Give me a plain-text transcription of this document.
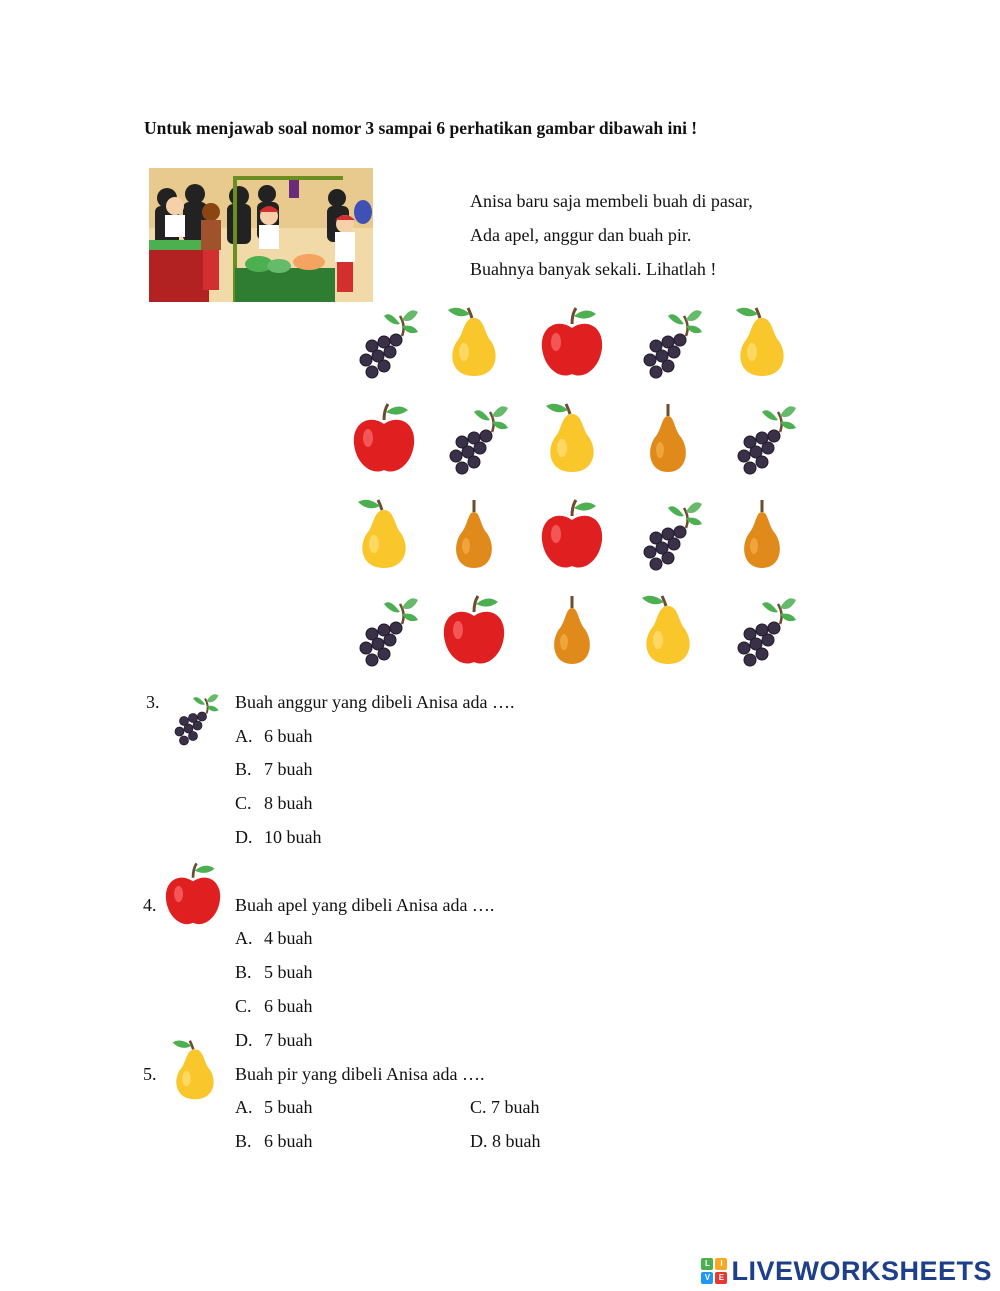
Untuk menjawab soal nomor 3 sampai 6 perhatikan gambar dibawah ini !
Anisa baru saja membeli buah di pasar,
Ada apel, anggur dan buah pir.
Buahnya banyak sekali. Lihatlah !
3.	Buah anggur yang dibeli Anisa ada ….
A. 6 buah
B. 7 buah
C. 8 buah
D. 10 buah
4.	Buah apel yang dibeli Anisa ada ….
A. 4 buah
B. 5 buah
C. 6 buah
D. 7 buah
5.	Buah pir yang dibeli Anisa ada ….
A. 5 buah	C. 7 buah
B. 6 buah	D. 8 buah
L	I
V	E LIVEWORKSHEETS
